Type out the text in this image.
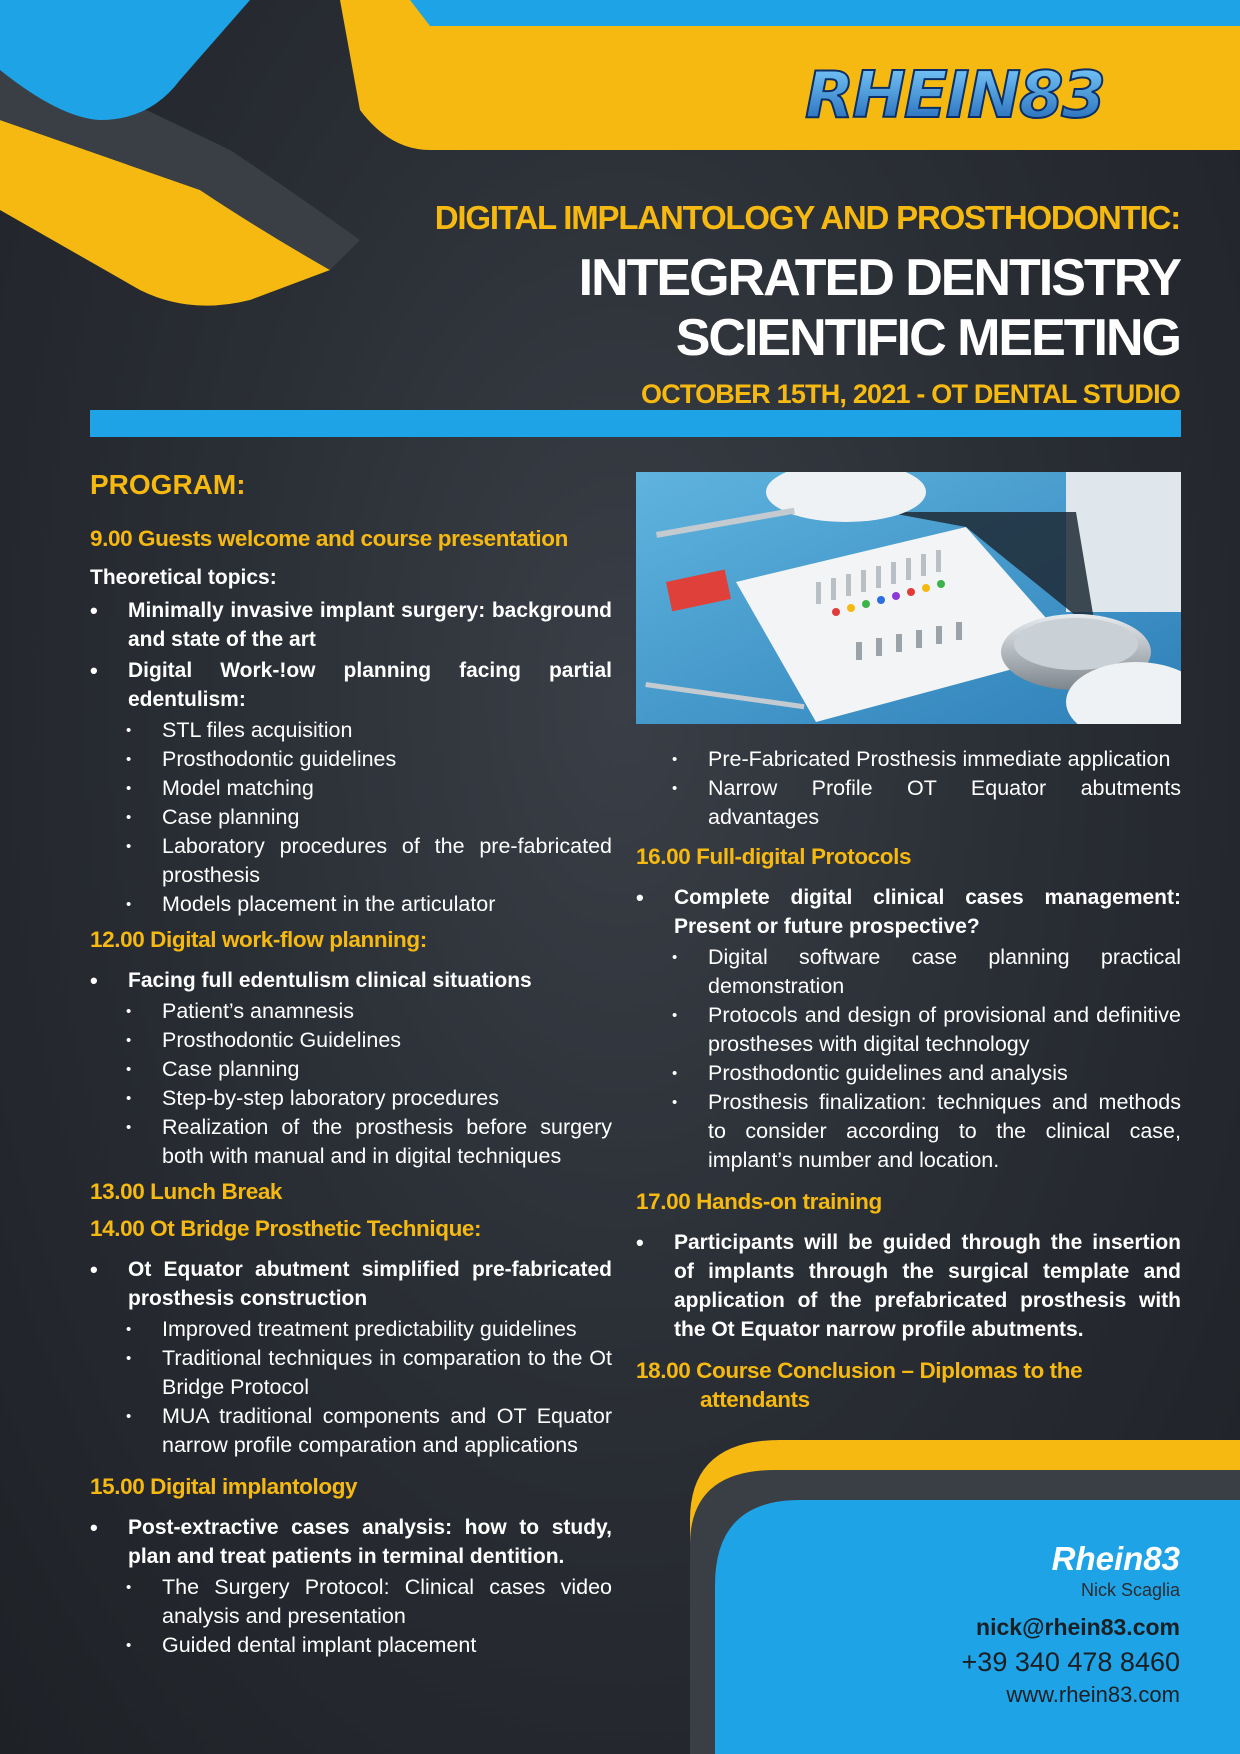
RHEIN83
DIGITAL IMPLANTOLOGY AND PROSTHODONTIC:
INTEGRATED DENTISTRY
SCIENTIFIC MEETING
OCTOBER 15TH, 2021 - OT DENTAL STUDIO
PROGRAM:
9.00 Guests welcome and course presentation
Theoretical topics:
• Minimally invasive implant surgery: background and state of the art
• Digital Work-!ow planning facing partial edentulism:
• STL files acquisition
• Prosthodontic guidelines
• Model matching
• Case planning
• Laboratory procedures of the pre-fabricated prosthesis
• Models placement in the articulator
12.00 Digital work-flow planning:
• Facing full edentulism clinical situations
• Patient’s anamnesis
• Prosthodontic Guidelines
• Case planning
• Step-by-step laboratory procedures
• Realization of the prosthesis before surgery both with manual and in digital techniques
13.00 Lunch Break
14.00 Ot Bridge Prosthetic Technique:
• Ot Equator abutment simplified pre-fabricated prosthesis construction
• Improved treatment predictability guidelines
• Traditional techniques in comparation to the Ot Bridge Protocol
• MUA traditional components and OT Equator narrow profile comparation and applications
15.00 Digital implantology
• Post-extractive cases analysis: how to study, plan and treat patients in terminal dentition.
• The Surgery Protocol: Clinical cases video analysis and presentation
• Guided dental implant placement
• Pre-Fabricated Prosthesis immediate application
• Narrow Profile OT Equator abutments advantages
16.00 Full-digital Protocols
• Complete digital clinical cases management: Present or future prospective?
• Digital software case planning practical demonstration
• Protocols and design of provisional and definitive prostheses with digital technology
• Prosthodontic guidelines and analysis
• Prosthesis finalization: techniques and methods to consider according to the clinical case, implant’s number and location.
17.00 Hands-on training
• Participants will be guided through the insertion of implants through the surgical template and application of the prefabricated prosthesis with the Ot Equator narrow profile abutments.
18.00 Course Conclusion – Diplomas to the
attendants
Rhein83
Nick Scaglia
nick@rhein83.com
+39 340 478 8460
www.rhein83.com
